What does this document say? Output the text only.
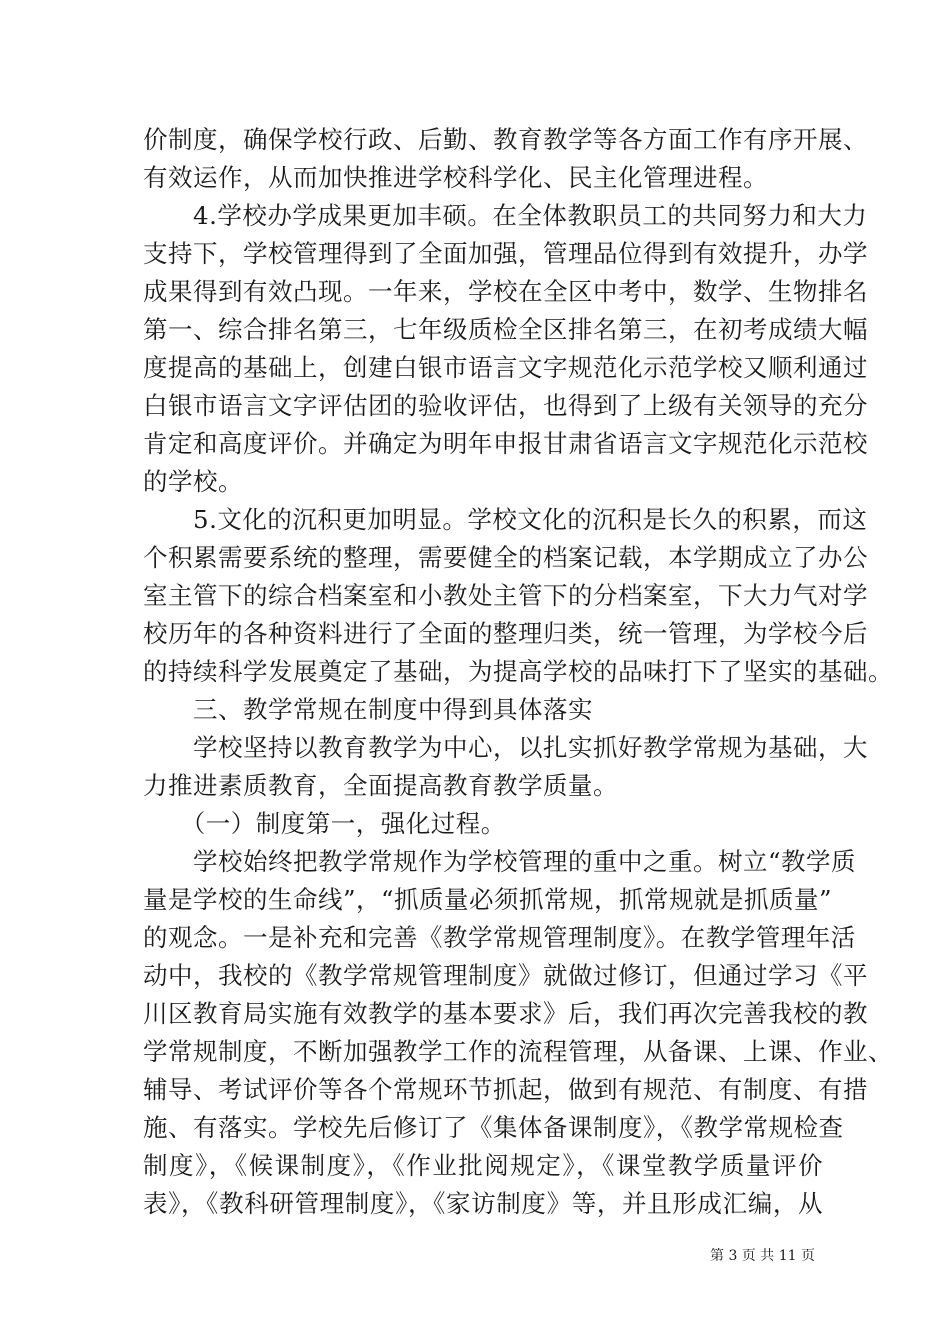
价制度，确保学校行政、后勤、教育教学等各方面工作有序开展、
有效运作，从而加快推进学校科学化、民主化管理进程。
　　4.学校办学成果更加丰硕。在全体教职员工的共同努力和大力
支持下，学校管理得到了全面加强，管理品位得到有效提升，办学
成果得到有效凸现。一年来，学校在全区中考中，数学、生物排名
第一、综合排名第三，七年级质检全区排名第三，在初考成绩大幅
度提高的基础上，创建白银市语言文字规范化示范学校又顺利通过
白银市语言文字评估团的验收评估，也得到了上级有关领导的充分
肯定和高度评价。并确定为明年申报甘肃省语言文字规范化示范校
的学校。
　　5.文化的沉积更加明显。学校文化的沉积是长久的积累，而这
个积累需要系统的整理，需要健全的档案记载，本学期成立了办公
室主管下的综合档案室和小教处主管下的分档案室，下大力气对学
校历年的各种资料进行了全面的整理归类，统一管理，为学校今后
的持续科学发展奠定了基础，为提高学校的品味打下了坚实的基础。
　　三、教学常规在制度中得到具体落实
　　学校坚持以教育教学为中心，以扎实抓好教学常规为基础，大
力推进素质教育，全面提高教育教学质量。
　　（一）制度第一，强化过程。
　　学校始终把教学常规作为学校管理的重中之重。树立“教学质
量是学校的生命线”，“抓质量必须抓常规，抓常规就是抓质量”
的观念。一是补充和完善《教学常规管理制度》。在教学管理年活
动中，我校的《教学常规管理制度》就做过修订，但通过学习《平
川区教育局实施有效教学的基本要求》后，我们再次完善我校的教
学常规制度，不断加强教学工作的流程管理，从备课、上课、作业、
辅导、考试评价等各个常规环节抓起，做到有规范、有制度、有措
施、有落实。学校先后修订了《集体备课制度》，《教学常规检查
制度》，《候课制度》，《作业批阅规定》，《课堂教学质量评价
表》，《教科研管理制度》，《家访制度》等，并且形成汇编，从
第 3 页 共 11 页
